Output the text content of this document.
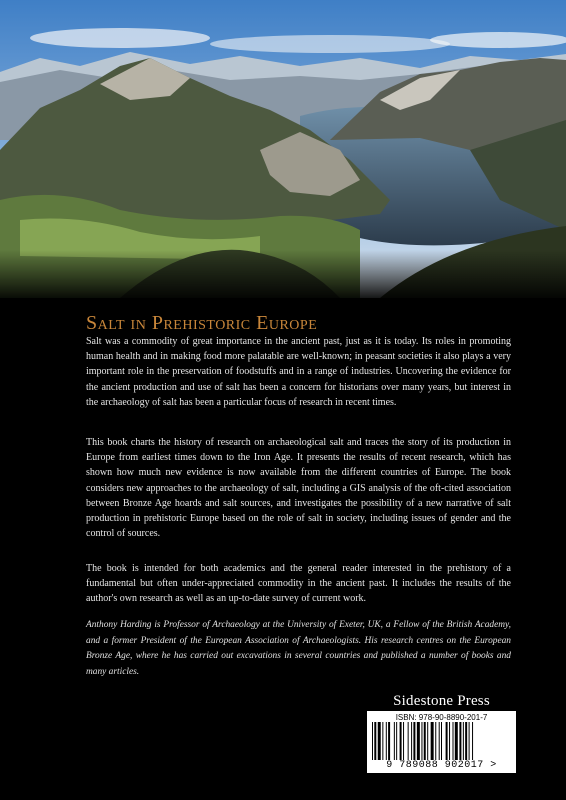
Salt in Prehistoric Europe

Salt was a commodity of great importance in the ancient past, just as it is today. Its roles in promoting human health and in making food more palatable are well-known; in peasant societies it also plays a very important role in the preservation of foodstuffs and in a range of industries. Uncovering the evidence for the ancient production and use of salt has been a concern for historians over many years, but interest in the archaeology of salt has been a particular focus of research in recent times.

This book charts the history of research on archaeological salt and traces the story of its production in Europe from earliest times down to the Iron Age. It presents the results of recent research, which has shown how much new evidence is now available from the different countries of Europe. The book considers new approaches to the archaeology of salt, including a GIS analysis of the oft-cited association between Bronze Age hoards and salt sources, and investigates the possibility of a new narrative of salt production in prehistoric Europe based on the role of salt in society, including issues of gender and the control of sources.

The book is intended for both academics and the general reader interested in the prehistory of a fundamental but often under-appreciated commodity in the ancient past. It includes the results of the author's own research as well as an up-to-date survey of current work.

Anthony Harding is Professor of Archaeology at the University of Exeter, UK, a Fellow of the British Academy, and a former President of the European Association of Archaeologists. His research centres on the European Bronze Age, where he has carried out excavations in several countries and published a number of books and many articles.

Sidestone Press
ISBN: 978-90-8890-201-7
9 789088 902017 >
